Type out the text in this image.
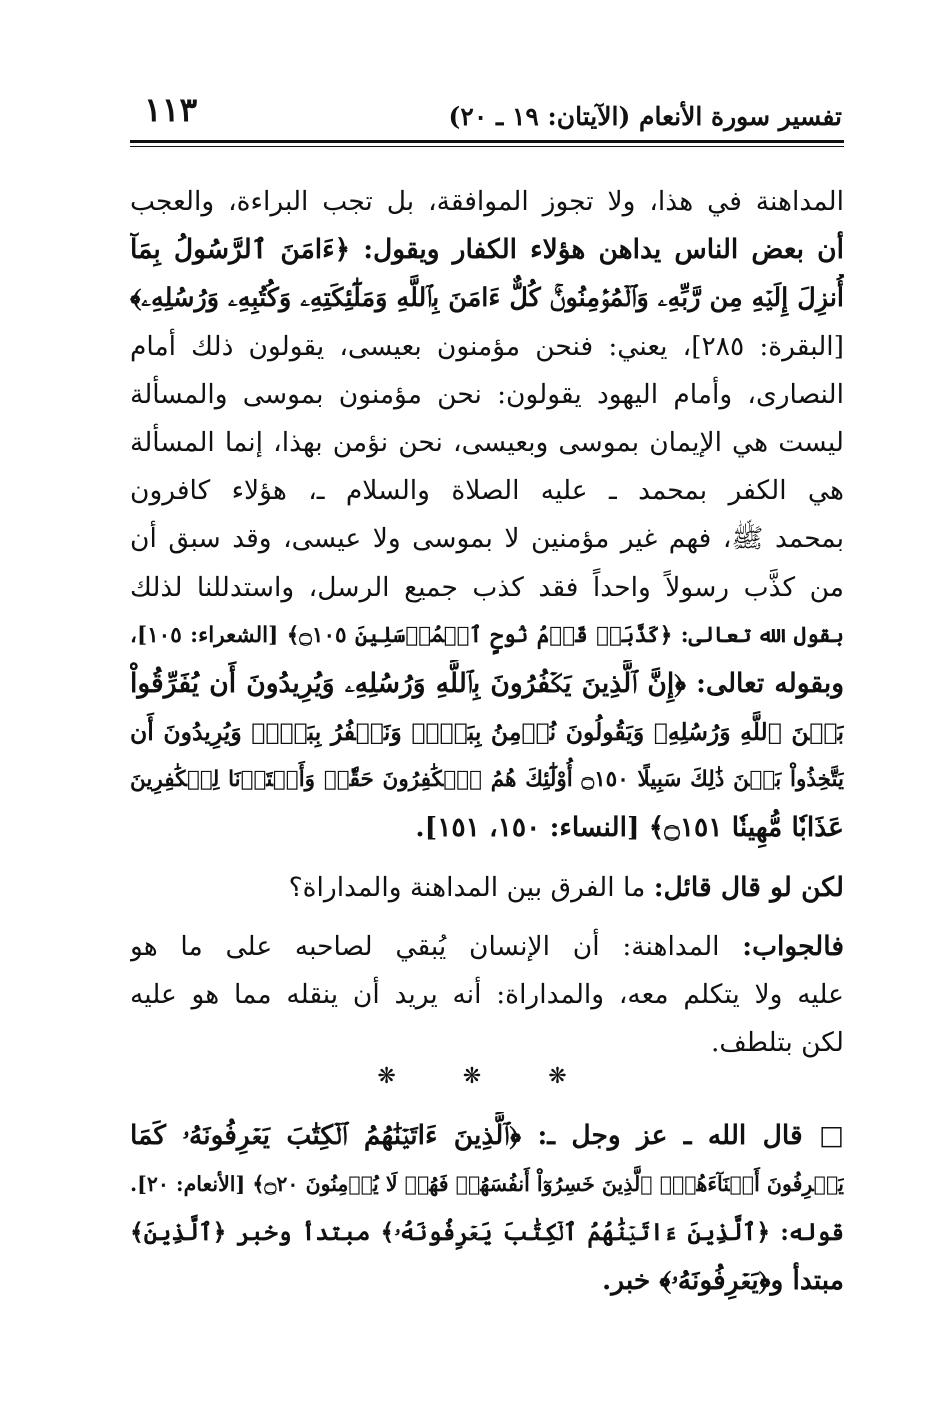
تفسير سورة الأنعام (الآيتان: ١٩ ـ ٢٠)
١١٣
المداهنة في هذا، ولا تجوز الموافقة، بل تجب البراءة، والعجب
أن بعض الناس يداهن هؤلاء الكفار ويقول: ﴿ءَامَنَ ٱلرَّسُولُ بِمَآ
أُنزِلَ إِلَيۡهِ مِن رَّبِّهِۦ وَٱلۡمُؤۡمِنُونَۚ كُلٌّ ءَامَنَ بِٱللَّهِ وَمَلَٰٓئِكَتِهِۦ وَكُتُبِهِۦ وَرُسُلِهِۦ﴾
[البقرة: ٢٨٥]، يعني: فنحن مؤمنون بعيسى، يقولون ذلك أمام
النصارى، وأمام اليهود يقولون: نحن مؤمنون بموسى والمسألة
ليست هي الإيمان بموسى وبعيسى، نحن نؤمن بهذا، إنما المسألة
هي الكفر بمحمد ـ عليه الصلاة والسلام ـ، هؤلاء كافرون
بمحمد ﷺ، فهم غير مؤمنين لا بموسى ولا عيسى، وقد سبق أن
من كذَّب رسولاً واحداً فقد كذب جميع الرسل، واستدللنا لذلك
بقول الله تعالى: ﴿كَذَّبَتۡ قَوۡمُ نُوحٍ ٱلۡمُرۡسَلِينَ ۝١٠٥﴾ [الشعراء: ١٠٥]،
وبقوله تعالى: ﴿إِنَّ ٱلَّذِينَ يَكۡفُرُونَ بِٱللَّهِ وَرُسُلِهِۦ وَيُرِيدُونَ أَن يُفَرِّقُواْ
بَيۡنَ ٱللَّهِ وَرُسُلِهِۦ وَيَقُولُونَ نُؤۡمِنُ بِبَعۡضٖ وَنَكۡفُرُ بِبَعۡضٖ وَيُرِيدُونَ أَن
يَتَّخِذُواْ بَيۡنَ ذَٰلِكَ سَبِيلًا ۝١٥٠ أُوْلَٰٓئِكَ هُمُ ٱلۡكَٰفِرُونَ حَقّٗاۚ وَأَعۡتَدۡنَا لِلۡكَٰفِرِينَ
عَذَابٗا مُّهِينٗا ۝١٥١﴾ [النساء: ١٥٠، ١٥١].
لكن لو قال قائل: ما الفرق بين المداهنة والمداراة؟
فالجواب: المداهنة: أن الإنسان يُبقي لصاحبه على ما هو
عليه ولا يتكلم معه، والمداراة: أنه يريد أن ينقله مما هو عليه
لكن بتلطف.
❋ ❋ ❋
□ قال الله ـ عز وجل ـ: ﴿ٱلَّذِينَ ءَاتَيۡنَٰهُمُ ٱلۡكِتَٰبَ يَعۡرِفُونَهُۥ كَمَا
يَعۡرِفُونَ أَبۡنَآءَهُمُۘ ٱلَّذِينَ خَسِرُوٓاْ أَنفُسَهُمۡ فَهُمۡ لَا يُؤۡمِنُونَ ۝٢٠﴾ [الأنعام: ٢٠].
قوله: ﴿ٱلَّذِينَ ءَاتَيۡنَٰهُمُ ٱلۡكِتَٰبَ يَعۡرِفُونَهُۥ﴾ مبتدأ وخبر ﴿ٱلَّذِينَ﴾
مبتدأ و﴿يَعۡرِفُونَهُۥ﴾ خبر.
